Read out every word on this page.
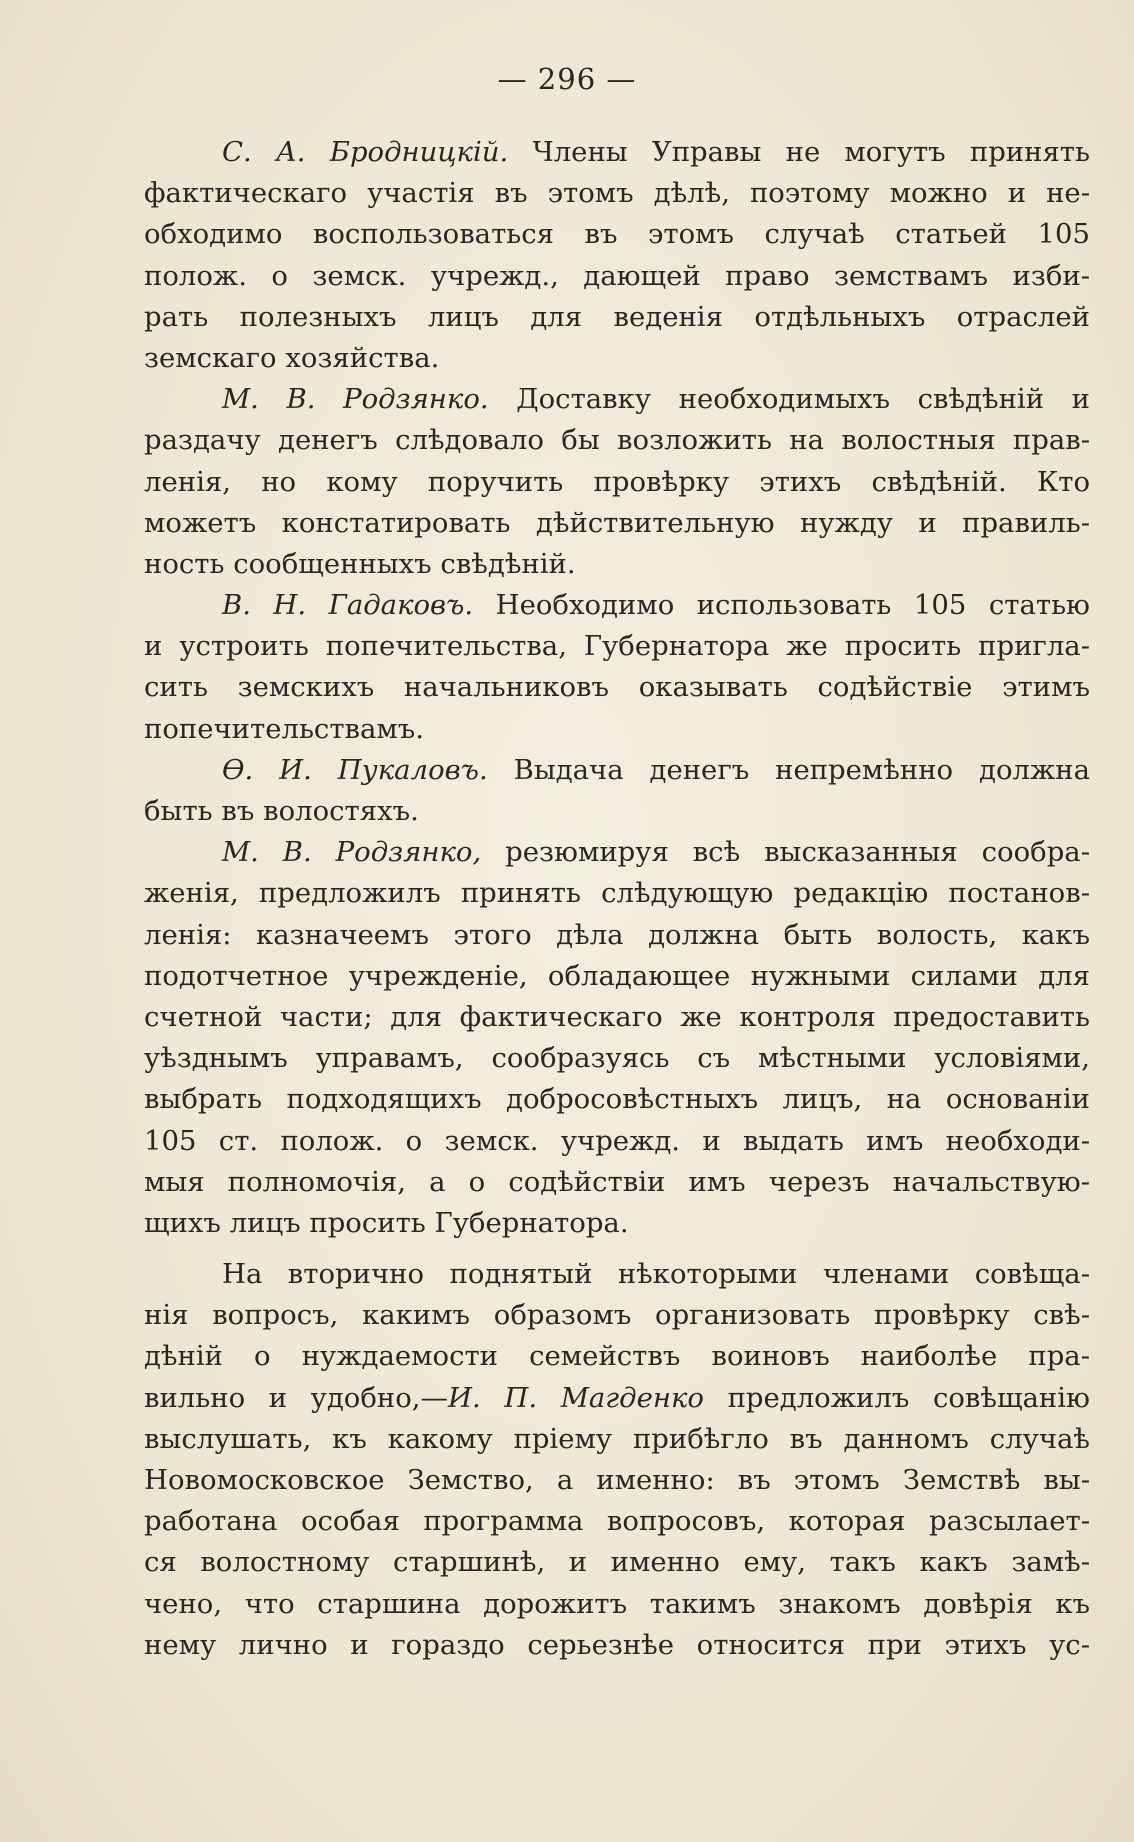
— 296 —
С. А. Бродницкій. Члены Управы не могутъ принять
фактическаго участія въ этомъ дѣлѣ, поэтому можно и не-
обходимо воспользоваться въ этомъ случаѣ статьей 105
полож. о земск. учрежд., дающей право земствамъ изби-
рать полезныхъ лицъ для веденія отдѣльныхъ отраслей
земскаго хозяйства.
М. В. Родзянко. Доставку необходимыхъ свѣдѣній и
раздачу денегъ слѣдовало бы возложить на волостныя прав-
ленія, но кому поручить провѣрку этихъ свѣдѣній. Кто
можетъ констатировать дѣйствительную нужду и правиль-
ность сообщенныхъ свѣдѣній.
В. Н. Гадаковъ. Необходимо использовать 105 статью
и устроить попечительства, Губернатора же просить пригла-
сить земскихъ начальниковъ оказывать содѣйствіе этимъ
попечительствамъ.
Ѳ. И. Пукаловъ. Выдача денегъ непремѣнно должна
быть въ волостяхъ.
М. В. Родзянко, резюмируя всѣ высказанныя сообра-
женія, предложилъ принять слѣдующую редакцію постанов-
ленія: казначеемъ этого дѣла должна быть волость, какъ
подотчетное учрежденіе, обладающее нужными силами для
счетной части; для фактическаго же контроля предоставить
уѣзднымъ управамъ, сообразуясь съ мѣстными условіями,
выбрать подходящихъ добросовѣстныхъ лицъ, на основаніи
105 ст. полож. о земск. учрежд. и выдать имъ необходи-
мыя полномочія, а о содѣйствіи имъ черезъ начальствую-
щихъ лицъ просить Губернатора.
На вторично поднятый нѣкоторыми членами совѣща-
нія вопросъ, какимъ образомъ организовать провѣрку свѣ-
дѣній о нуждаемости семействъ воиновъ наиболѣе пра-
вильно и удобно,—И. П. Магденко предложилъ совѣщанію
выслушать, къ какому пріему прибѣгло въ данномъ случаѣ
Новомосковское Земство, а именно: въ этомъ Земствѣ вы-
работана особая программа вопросовъ, которая разсылает-
ся волостному старшинѣ, и именно ему, такъ какъ замѣ-
чено, что старшина дорожитъ такимъ знакомъ довѣрія къ
нему лично и гораздо серьезнѣе относится при этихъ ус-
